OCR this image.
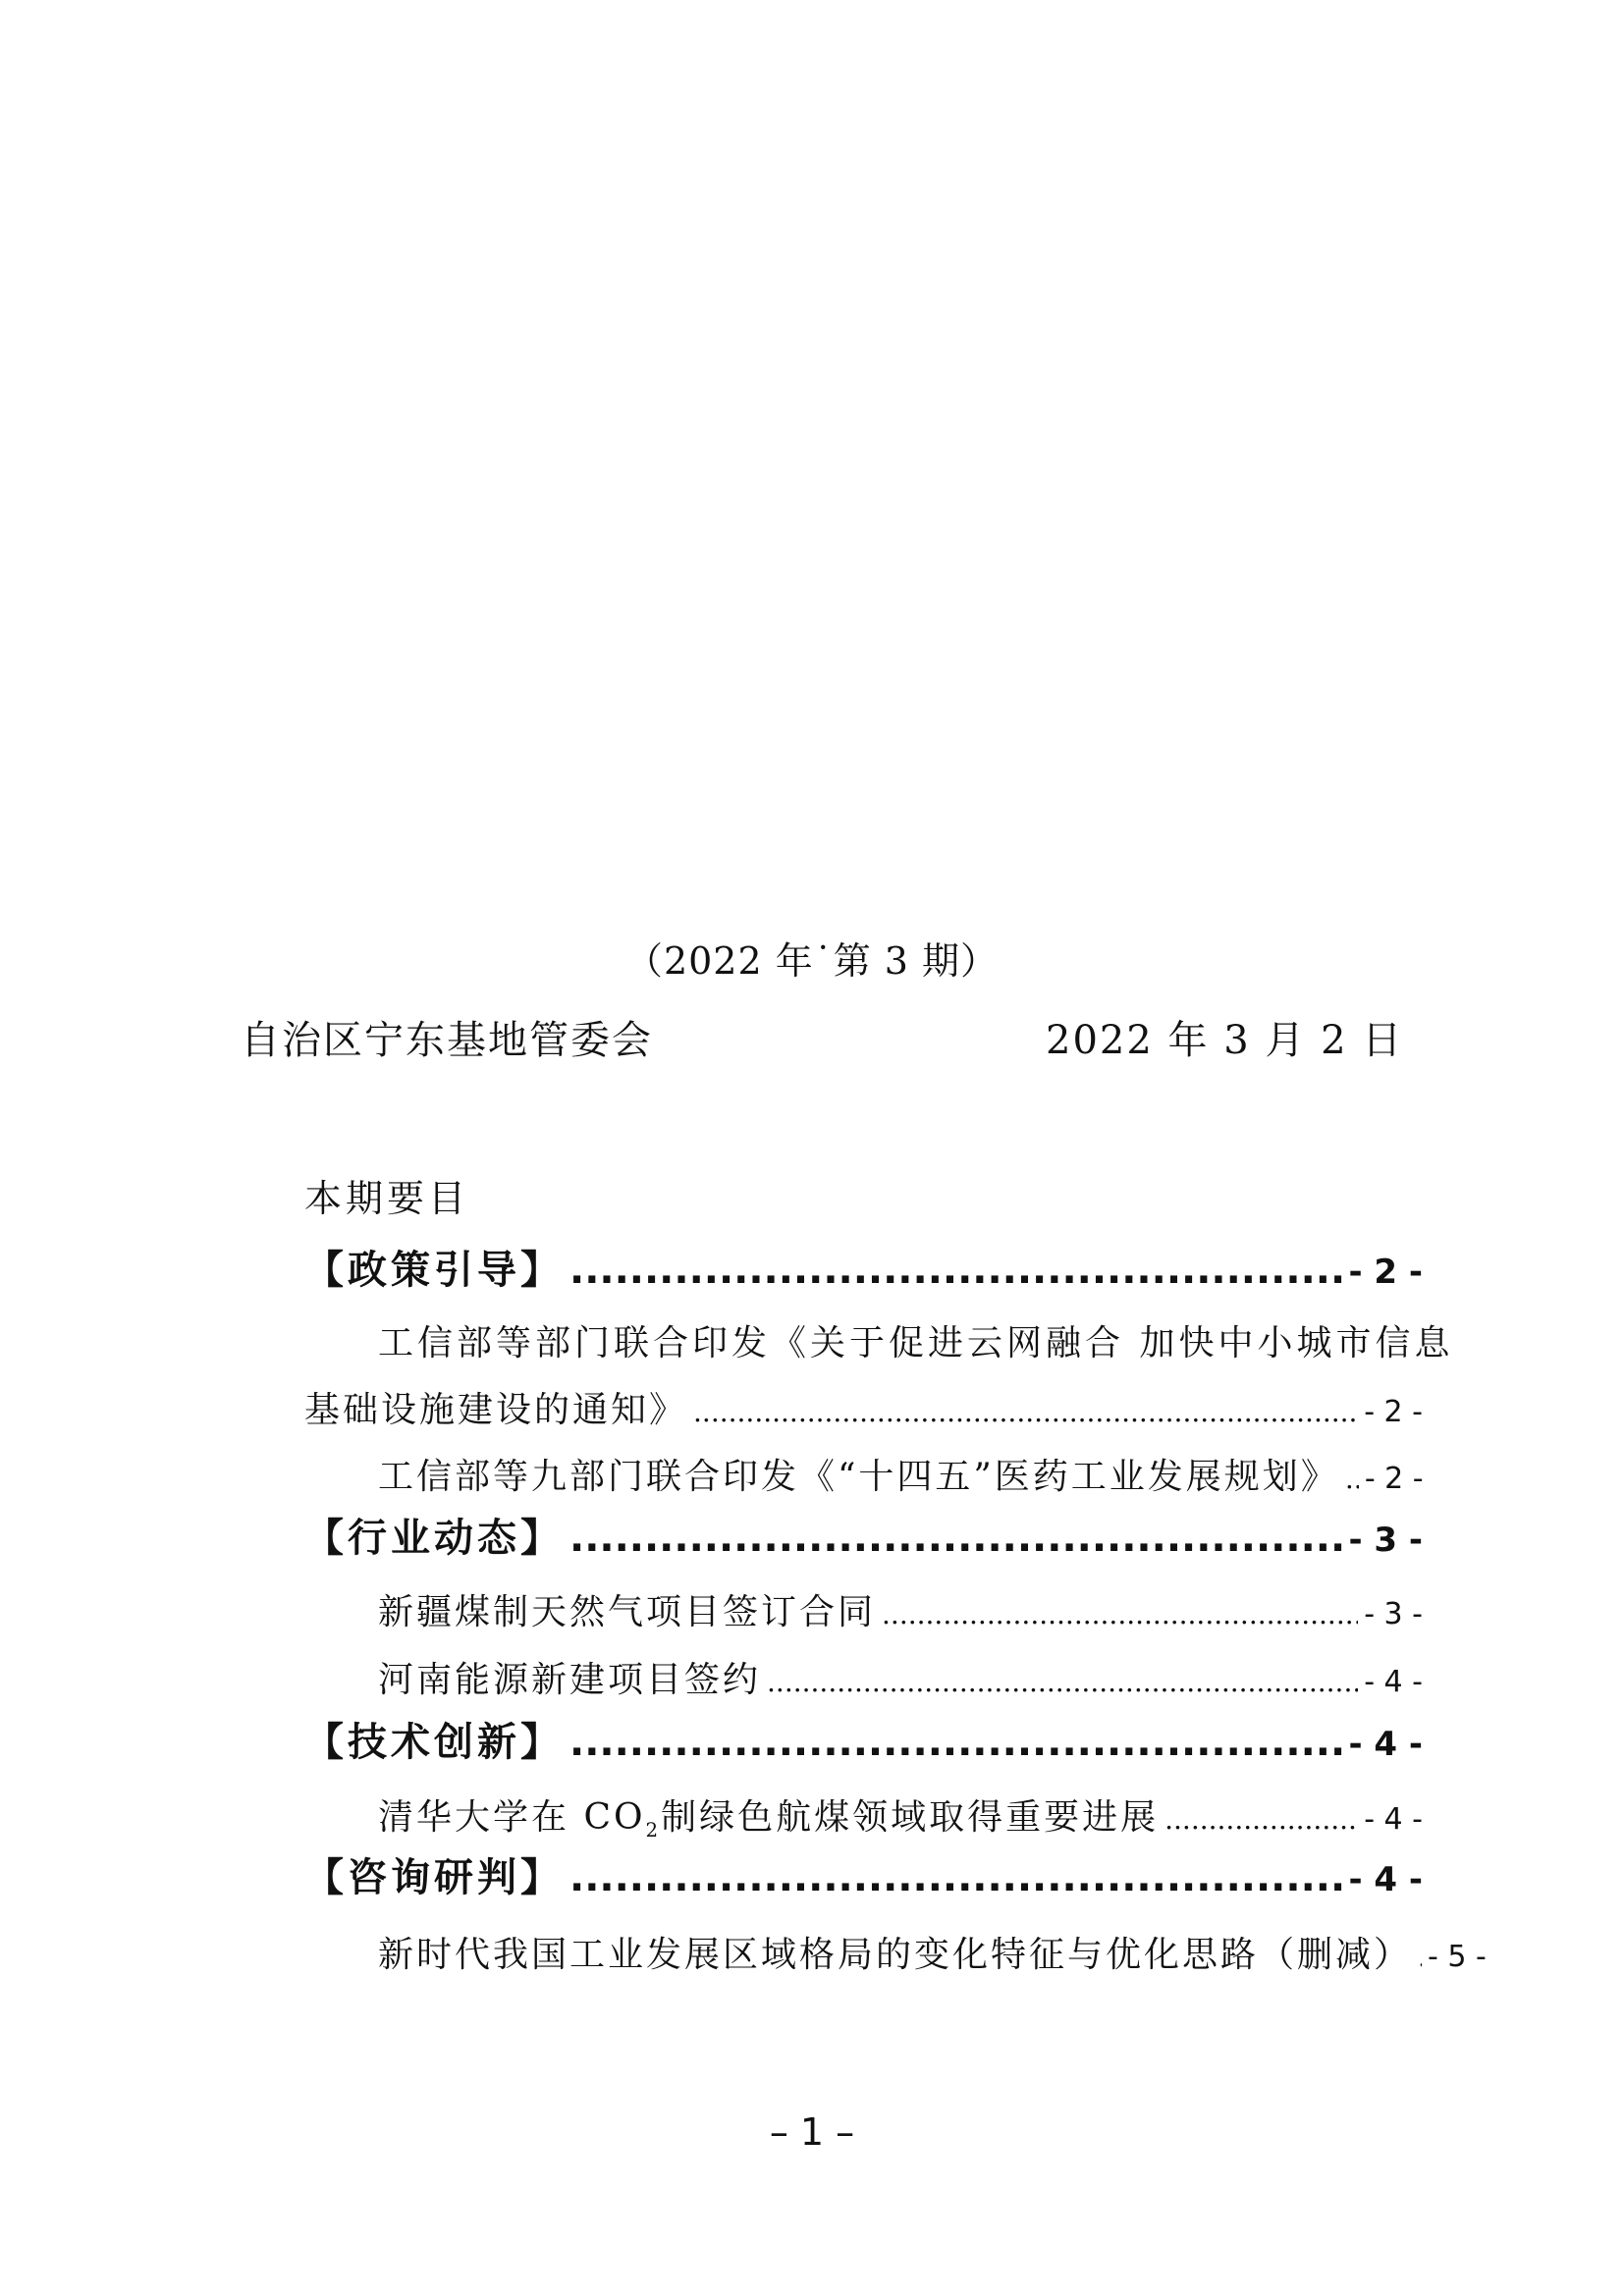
（2022 年˙第 3 期）
自治区宁东基地管委会	2022 年 3 月 2 日
本期要目
【政策引导】 .....	- 2 -
工信部等部门联合印发《关于促进云网融合 加快中小城市信息
基础设施建设的通知》 .....	- 2 -
工信部等九部门联合印发《“十四五”医药工业发展规划》 ..... - 2 -
【行业动态】 .....	- 3 -
新疆煤制天然气项目签订合同 .....	- 3 -
河南能源新建项目签约 .....	- 4 -
【技术创新】 .....	- 4 -
清华大学在 $CO_2$制绿色航煤领域取得重要进展 .....	- 4 -
【咨询研判】 .....	- 4 -
新时代我国工业发展区域格局的变化特征与优化思路（删减） ..... - 5 -
– 1 –
